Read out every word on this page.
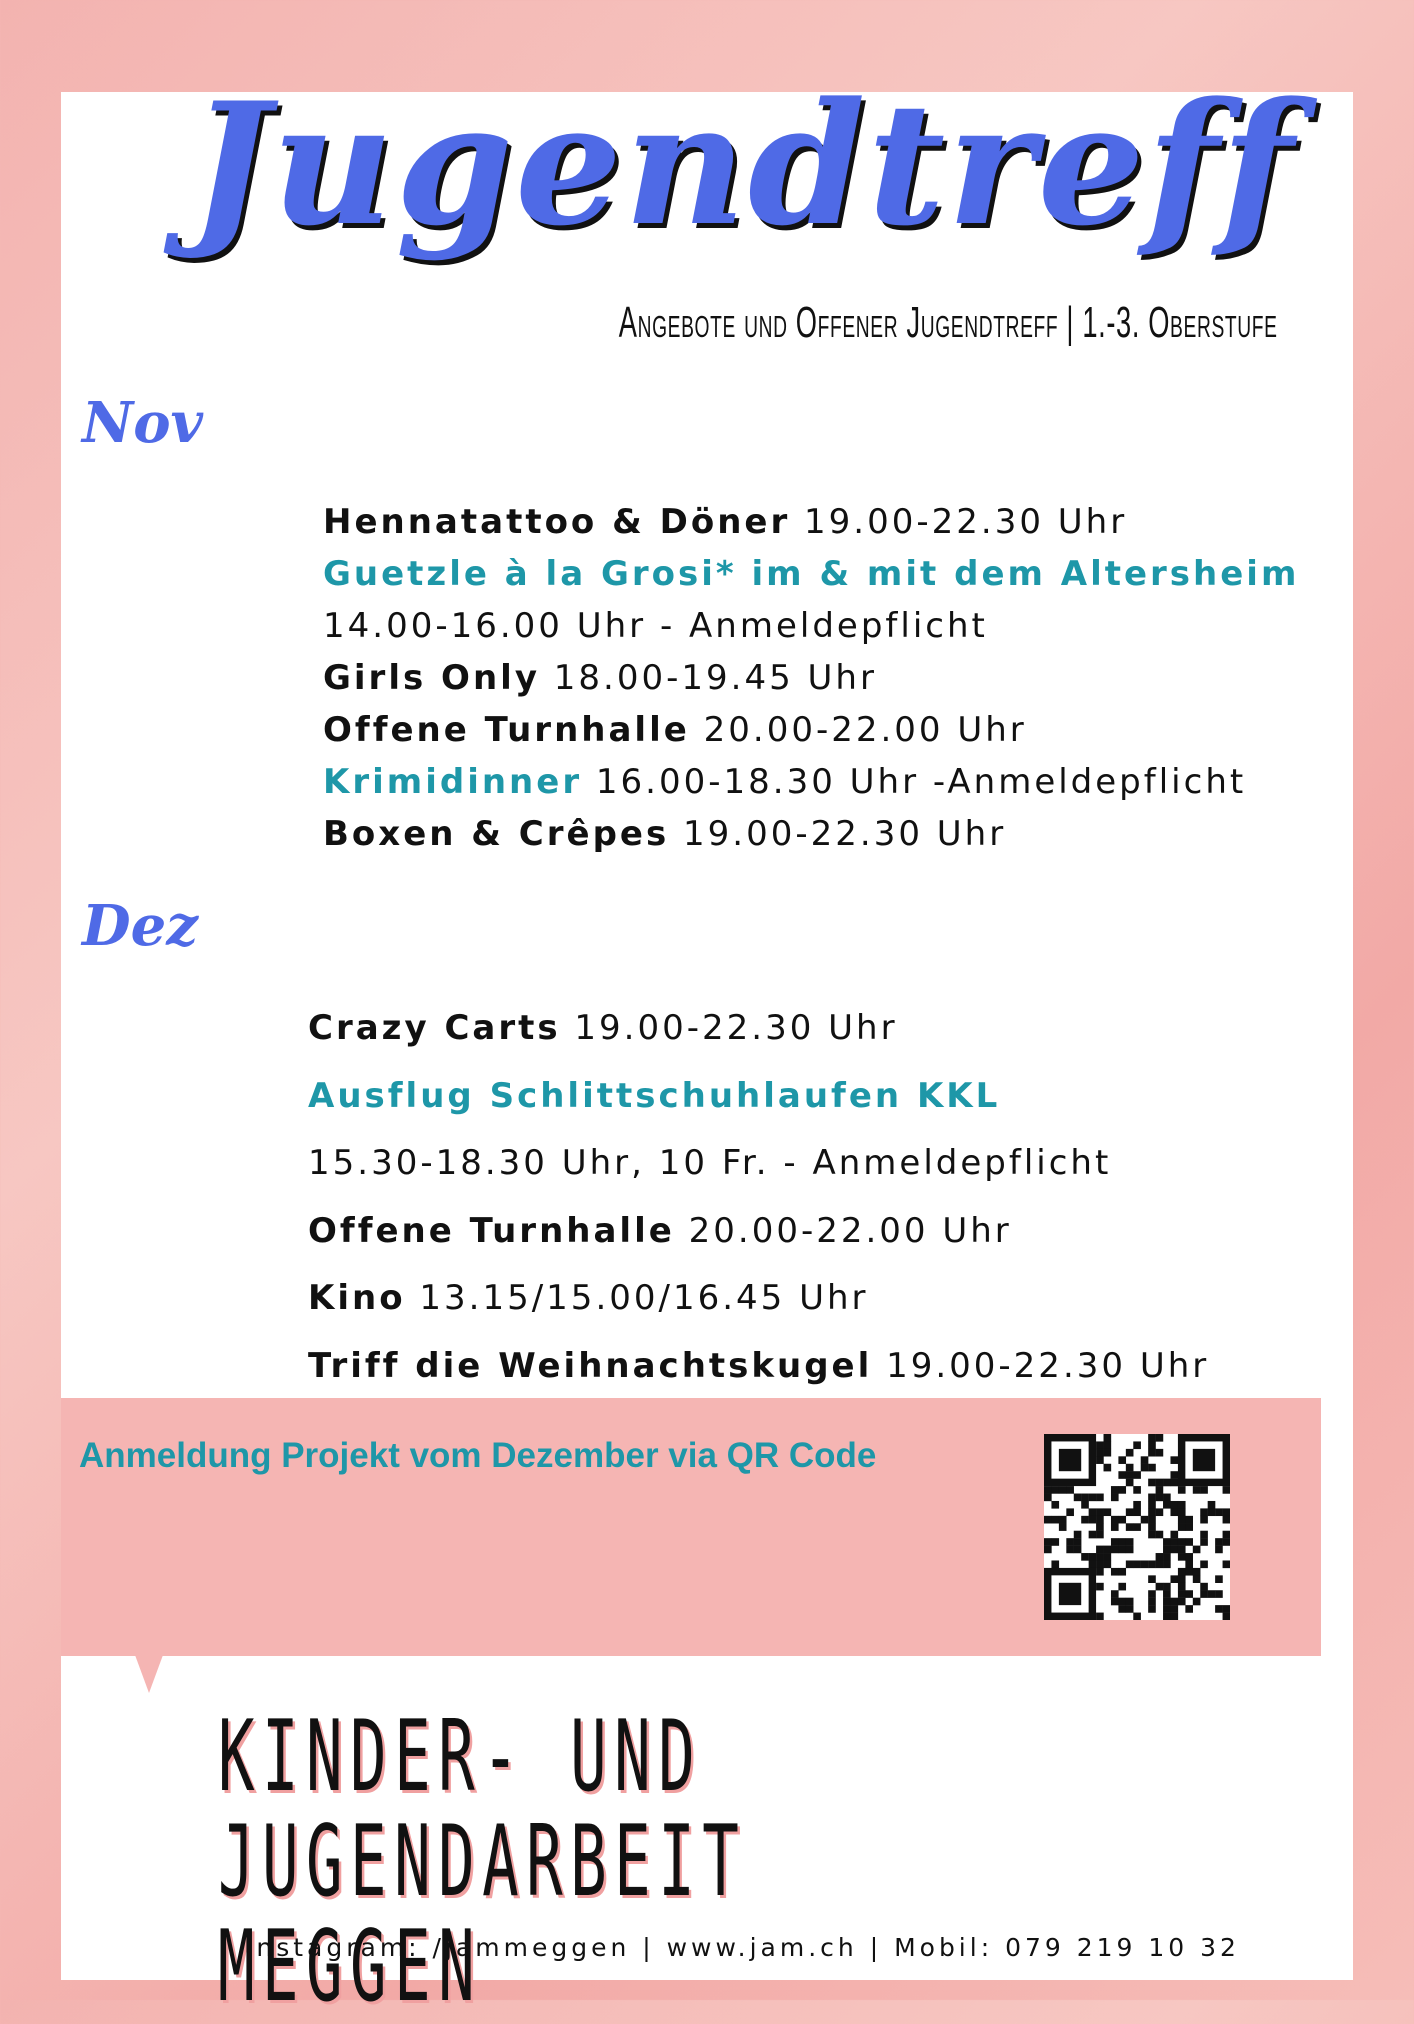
Jugendtreff
Angebote und Offener Jugendtreff | 1.-3. Oberstufe
Nov
Hennatattoo & Döner 19.00-22.30 Uhr
Guetzle à la Grosi* im & mit dem Altersheim
14.00-16.00 Uhr - Anmeldepflicht
Girls Only 18.00-19.45 Uhr
Offene Turnhalle 20.00-22.00 Uhr
Krimidinner 16.00-18.30 Uhr -Anmeldepflicht
Boxen & Crêpes 19.00-22.30 Uhr
Dez
Crazy Carts 19.00-22.30 Uhr
Ausflug Schlittschuhlaufen KKL
15.30-18.30 Uhr, 10 Fr. - Anmeldepflicht
Offene Turnhalle 20.00-22.00 Uhr
Kino 13.15/15.00/16.45 Uhr
Triff die Weihnachtskugel 19.00-22.30 Uhr
Anmeldung Projekt vom Dezember via QR Code
KINDER- UND
JUGENDARBEIT MEGGEN
Instagram: /jammeggen | www.jam.ch | Mobil: 079 219 10 32
